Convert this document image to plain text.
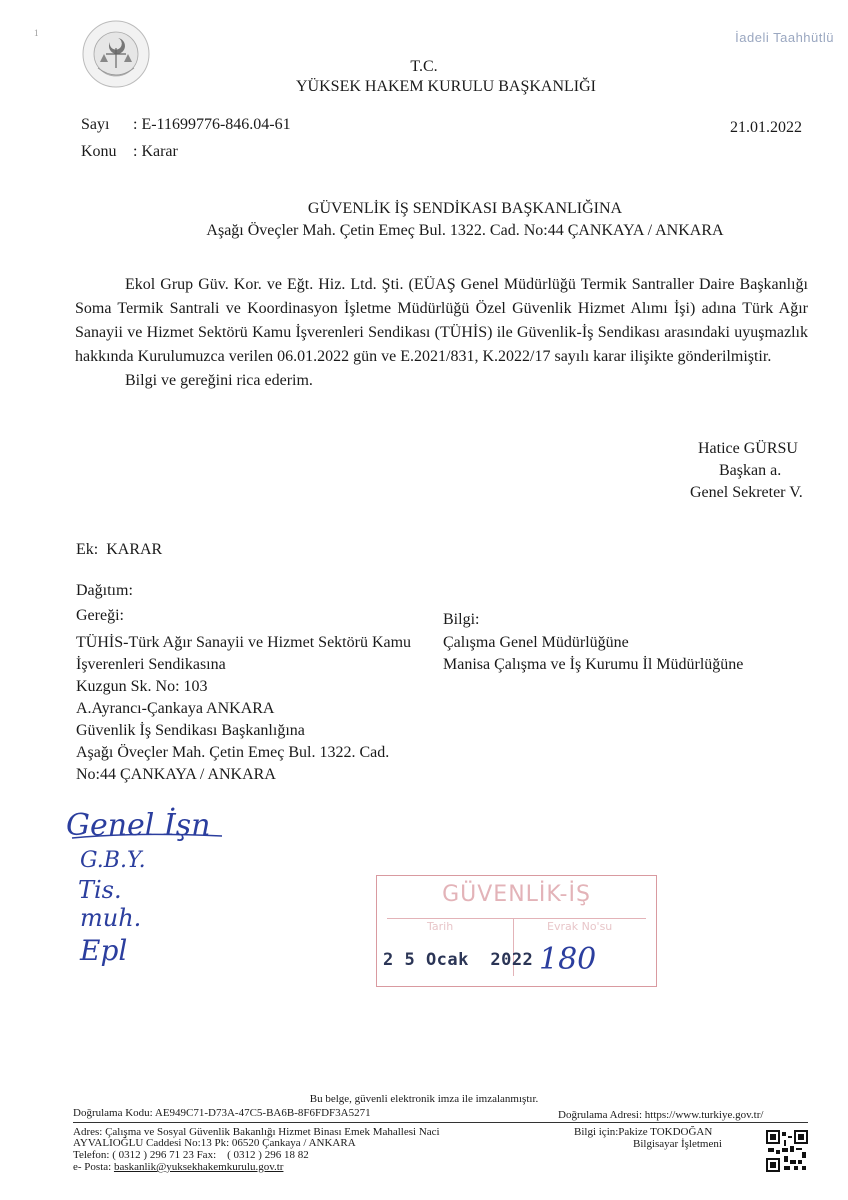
1	İadeli Taahhütlü
T.C.
YÜKSEK HAKEM KURULU BAŞKANLIĞI
Sayı : E-11699776-846.04-61	21.01.2022
Konu : Karar
GÜVENLİK İŞ SENDİKASI BAŞKANLIĞINA
Aşağı Öveçler Mah. Çetin Emeç Bul. 1322. Cad. No:44 ÇANKAYA / ANKARA

Ekol Grup Güv. Kor. ve Eğt. Hiz. Ltd. Şti. (EÜAŞ Genel Müdürlüğü Termik Santraller Daire Başkanlığı Soma Termik Santrali ve Koordinasyon İşletme Müdürlüğü Özel Güvenlik Hizmet Alımı İşi) adına Türk Ağır Sanayii ve Hizmet Sektörü Kamu İşverenleri Sendikası (TÜHİS) ile Güvenlik-İş Sendikası arasındaki uyuşmazlık hakkında Kurulumuzca verilen 06.01.2022 gün ve E.2021/831, K.2022/17 sayılı karar ilişikte gönderilmiştir.

Bilgi ve gereğini rica ederim.

Hatice GÜRSU
Başkan a.
Genel Sekreter V.
Ek:  KARAR
Dağıtım:
Gereği:	Bilgi:
TÜHİS-Türk Ağır Sanayii ve Hizmet Sektörü Kamu
İşverenleri Sendikasına
Kuzgun Sk. No: 103
A.Ayrancı-Çankaya ANKARA
Güvenlik İş Sendikası Başkanlığına
Aşağı Öveçler Mah. Çetin Emeç Bul. 1322. Cad.
No:44 ÇANKAYA / ANKARA
Çalışma Genel Müdürlüğüne
Manisa Çalışma ve İş Kurumu İl Müdürlüğüne
Genel İşn
G.B.Y.
Tis.
muh.
Epl
GÜVENLİK-İŞ
Tarih	Evrak No'su
2 5 Ocak  2022 180
Bu belge, güvenli elektronik imza ile imzalanmıştır.
Doğrulama Kodu: AE949C71-D73A-47C5-BA6B-8F6FDF3A5271	Doğrulama Adresi: https://www.turkiye.gov.tr/
Adres: Çalışma ve Sosyal Güvenlik Bakanlığı Hizmet Binası Emek Mahallesi Naci
AYVALIOĞLU Caddesi No:13 Pk: 06520 Çankaya / ANKARA
Telefon: ( 0312 ) 296 71 23 Fax:    ( 0312 ) 296 18 82
e- Posta: baskanlik@yuksekhakemkurulu.gov.tr
Bilgi için:Pakize TOKDOĞAN
Bilgisayar İşletmeni
